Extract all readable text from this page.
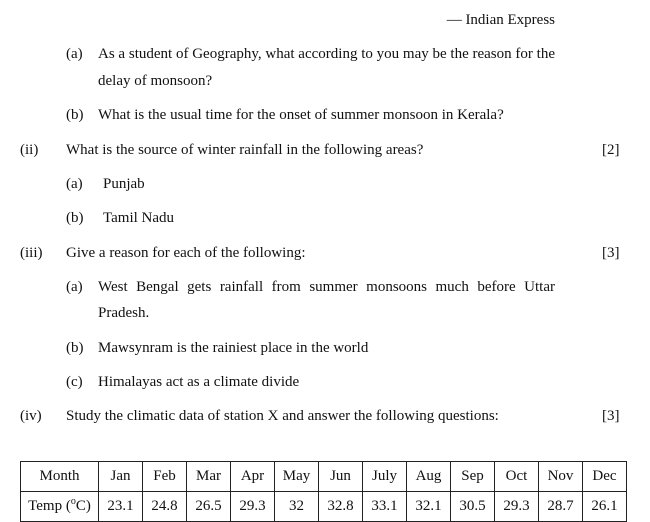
— Indian Express
(a) As a student of Geography, what according to you may be the reason for the
delay of monsoon?
(b) What is the usual time for the onset of summer monsoon in Kerala?
(ii) What is the source of winter rainfall in the following areas?	[2]
(a) Punjab
(b) Tamil Nadu
(iii) Give a reason for each of the following:	[3]
(a) West Bengal gets rainfall from summer monsoons much before Uttar
Pradesh.
(b) Mawsynram is the rainiest place in the world
(c) Himalayas act as a climate divide
(iv) Study the climatic data of station X and answer the following questions:	[3]
Month	Jan	Feb	Mar	Apr	May	Jun	July	Aug	Sep	Oct	Nov	Dec
Temp ($^o$C)	23.1	24.8	26.5	29.3	32	32.8	33.1	32.1	30.5	29.3	28.7	26.1
